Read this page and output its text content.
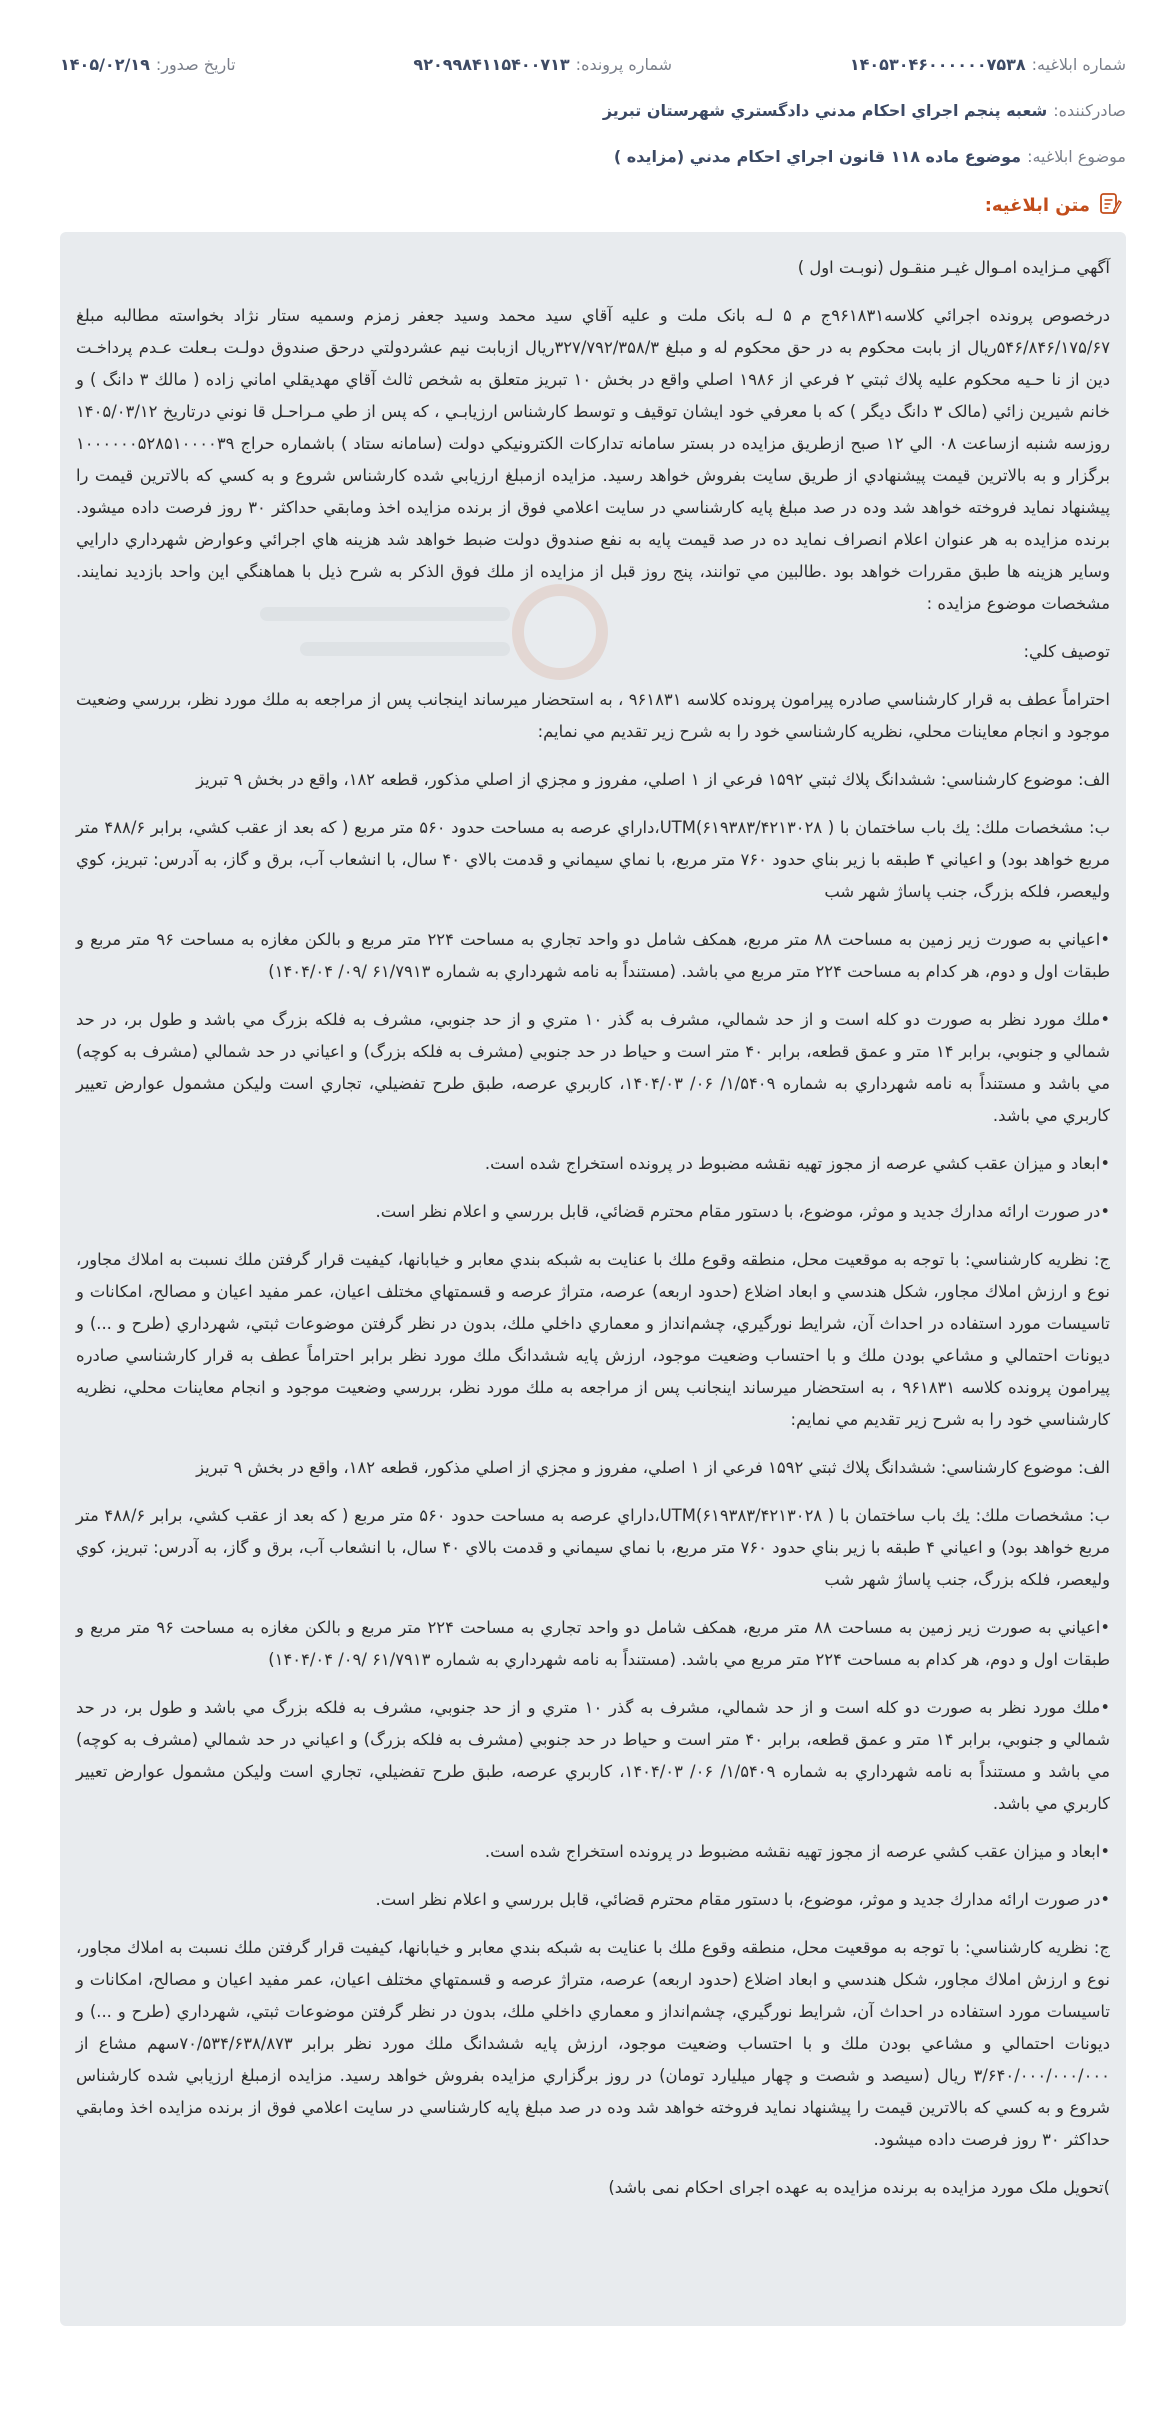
شماره ابلاغيه:
۱۴۰۵۳۰۴۶۰۰۰۰۰۰۷۵۳۸
شماره پرونده:
۹۲۰۹۹۸۴۱۱۵۴۰۰۷۱۳
تاريخ صدور:
۱۴۰۵/۰۲/۱۹
صادركننده:
شعبه پنجم اجراي احكام مدني دادگستري شهرستان تبريز
موضوع ابلاغيه:
موضوع ماده ۱۱۸ قانون اجراي احكام مدني (مزايده )
متن ابلاغيه:

آگهي مـزايده امـوال غيـر منقـول (نوبـت اول )

درخصوص پرونده اجرائي كلاسه۹۶۱۸۳۱ج م ۵ لـه بانک ملت و عليه آقاي سيد محمد وسيد جعفر زمزم وسميه ستار نژاد بخواسته مطالبه مبلغ ۵۴۶/۸۴۶/۱۷۵/۶۷ريال از بابت محكوم به در حق محكوم له و مبلغ ۳۲۷/۷۹۲/۳۵۸/۳ريال ازبابت نيم عشردولتي درحق صندوق دولـت بـعلت عـدم پرداخـت دين از نا حـيه محكوم عليه پلاك ثبتي ۲ فرعي از ۱۹۸۶ اصلي واقع در بخش ۱۰ تبريز متعلق به شخص ثالث آقاي مهديقلي اماني زاده ( مالك ۳ دانگ ) و خانم شيرين زائي (مالک ۳ دانگ ديگر ) كه با معرفي خود ايشان توقيف و توسط كارشناس ارزيابـي ، كه پس از طي مـراحـل قا نوني درتاريخ ۱۴۰۵/۰۳/۱۲ روزسه شنبه ازساعت ۰۸ الي ۱۲ صبح ازطريق مزايده در بستر سامانه تداركات الكترونيكي دولت (سامانه ستاد ) باشماره حراج ۱۰۰۰۰۰۰۵۲۸۵۱۰۰۰۰۳۹ برگزار و به بالاترين قيمت پيشنهادي از طريق سايت بفروش خواهد رسيد. مزايده ازمبلغ ارزيابي شده كارشناس شروع و به كسي كه بالاترين قيمت را پيشنهاد نمايد فروخته خواهد شد وده در صد مبلغ پايه كارشناسي در سايت اعلامي فوق از برنده مزايده اخذ ومابقي حداكثر ۳۰ روز فرصت داده ميشود. برنده مزايده به هر عنوان اعلام انصراف نمايد ده در صد قيمت پايه به نفع صندوق دولت ضبط خواهد شد هزينه هاي اجرائي وعوارض شهرداري دارايي وساير هزينه ها طبق مقررات خواهد بود .طالبين مي توانند، پنج روز قبل از مزايده از ملك فوق الذكر به شرح ذيل با هماهنگي اين واحد بازديد نمايند. مشخصات موضوع مزايده :

توصيف كلي:

احتراماً عطف به قرار كارشناسي صادره پيرامون پرونده كلاسه ۹۶۱۸۳۱ ، به استحضار ميرساند اينجانب پس از مراجعه به ملك مورد نظر، بررسي وضعيت موجود و انجام معاينات محلي، نظريه كارشناسي خود را به شرح زير تقديم مي نمايم:

الف: موضوع كارشناسي: ششدانگ پلاك ثبتي ۱۵۹۲ فرعي از ۱ اصلي، مفروز و مجزي از اصلي مذكور، قطعه ۱۸۲، واقع در بخش ۹ تبريز

ب: مشخصات ملك: يك باب ساختمان با ( UTM(۶۱۹۳۸۳/۴۲۱۳۰۲۸،داراي عرصه به مساحت حدود ۵۶۰ متر مربع ( كه بعد از عقب كشي، برابر ۴۸۸/۶ متر مربع خواهد بود) و اعياني ۴ طبقه با زير بناي حدود ۷۶۰ متر مربع، با نماي سيماني و قدمت بالاي ۴۰ سال، با انشعاب آب، برق و گاز، به آدرس: تبريز، كوي وليعصر، فلكه بزرگ، جنب پاساژ شهر شب

•اعياني به صورت زير زمين به مساحت ۸۸ متر مربع، همكف شامل دو واحد تجاري به مساحت ۲۲۴ متر مربع و بالكن مغازه به مساحت ۹۶ متر مربع و طبقات اول و دوم، هر كدام به مساحت ۲۲۴ متر مربع مي باشد. (مستنداً به نامه شهرداري به شماره ۶۱/۷۹۱۳ /۰۹/ ۱۴۰۴/۰۴)

•ملك مورد نظر به صورت دو كله است و از حد شمالي، مشرف به گذر ۱۰ متري و از حد جنوبي، مشرف به فلكه بزرگ مي باشد و طول بر، در حد شمالي و جنوبي، برابر ۱۴ متر و عمق قطعه، برابر ۴۰ متر است و حياط در حد جنوبي (مشرف به فلكه بزرگ) و اعياني در حد شمالي (مشرف به كوچه) مي باشد و مستنداً به نامه شهرداري به شماره ۱/۵۴۰۹/ ۰۶/ ۱۴۰۴/۰۳، كاربري عرصه، طبق طرح تفضيلي، تجاري است وليكن مشمول عوارض تعيير كاربري مي باشد.

•ابعاد و ميزان عقب كشي عرصه از مجوز تهيه نقشه مضبوط در پرونده استخراج شده است.

•در صورت ارائه مدارك جديد و موثر، موضوع، با دستور مقام محترم قضائي، قابل بررسي و اعلام نظر است.

ج: نظريه كارشناسي: با توجه به موقعيت محل، منطقه وقوع ملك با عنايت به شبكه بندي معابر و خيابانها، كيفيت قرار گرفتن ملك نسبت به املاك مجاور، نوع و ارزش املاك مجاور، شكل هندسي و ابعاد اضلاع (حدود اربعه) عرصه، متراژ عرصه و قسمتهاي مختلف اعيان، عمر مفيد اعيان و مصالح، امكانات و تاسيسات مورد استفاده در احداث آن، شرايط نورگيري، چشم‌انداز و معماري داخلي ملك، بدون در نظر گرفتن موضوعات ثبتي، شهرداري (طرح و ...) و ديونات احتمالي و مشاعي بودن ملك و با احتساب وضعيت موجود، ارزش پايه ششدانگ ملك مورد نظر برابر احتراماً عطف به قرار كارشناسي صادره پيرامون پرونده كلاسه ۹۶۱۸۳۱ ، به استحضار ميرساند اينجانب پس از مراجعه به ملك مورد نظر، بررسي وضعيت موجود و انجام معاينات محلي، نظريه كارشناسي خود را به شرح زير تقديم مي نمايم:

الف: موضوع كارشناسي: ششدانگ پلاك ثبتي ۱۵۹۲ فرعي از ۱ اصلي، مفروز و مجزي از اصلي مذكور، قطعه ۱۸۲، واقع در بخش ۹ تبريز

ب: مشخصات ملك: يك باب ساختمان با ( UTM(۶۱۹۳۸۳/۴۲۱۳۰۲۸،داراي عرصه به مساحت حدود ۵۶۰ متر مربع ( كه بعد از عقب كشي، برابر ۴۸۸/۶ متر مربع خواهد بود) و اعياني ۴ طبقه با زير بناي حدود ۷۶۰ متر مربع، با نماي سيماني و قدمت بالاي ۴۰ سال، با انشعاب آب، برق و گاز، به آدرس: تبريز، كوي وليعصر، فلكه بزرگ، جنب پاساژ شهر شب

•اعياني به صورت زير زمين به مساحت ۸۸ متر مربع، همكف شامل دو واحد تجاري به مساحت ۲۲۴ متر مربع و بالكن مغازه به مساحت ۹۶ متر مربع و طبقات اول و دوم، هر كدام به مساحت ۲۲۴ متر مربع مي باشد. (مستنداً به نامه شهرداري به شماره ۶۱/۷۹۱۳ /۰۹/ ۱۴۰۴/۰۴)

•ملك مورد نظر به صورت دو كله است و از حد شمالي، مشرف به گذر ۱۰ متري و از حد جنوبي، مشرف به فلكه بزرگ مي باشد و طول بر، در حد شمالي و جنوبي، برابر ۱۴ متر و عمق قطعه، برابر ۴۰ متر است و حياط در حد جنوبي (مشرف به فلكه بزرگ) و اعياني در حد شمالي (مشرف به كوچه) مي باشد و مستنداً به نامه شهرداري به شماره ۱/۵۴۰۹/ ۰۶/ ۱۴۰۴/۰۳، كاربري عرصه، طبق طرح تفضيلي، تجاري است وليكن مشمول عوارض تعيير كاربري مي باشد.

•ابعاد و ميزان عقب كشي عرصه از مجوز تهيه نقشه مضبوط در پرونده استخراج شده است.

•در صورت ارائه مدارك جديد و موثر، موضوع، با دستور مقام محترم قضائي، قابل بررسي و اعلام نظر است.

ج: نظريه كارشناسي: با توجه به موقعيت محل، منطقه وقوع ملك با عنايت به شبكه بندي معابر و خيابانها، كيفيت قرار گرفتن ملك نسبت به املاك مجاور، نوع و ارزش املاك مجاور، شكل هندسي و ابعاد اضلاع (حدود اربعه) عرصه، متراژ عرصه و قسمتهاي مختلف اعيان، عمر مفيد اعيان و مصالح، امكانات و تاسيسات مورد استفاده در احداث آن، شرايط نورگيري، چشم‌انداز و معماري داخلي ملك، بدون در نظر گرفتن موضوعات ثبتي، شهرداري (طرح و ...) و ديونات احتمالي و مشاعي بودن ملك و با احتساب وضعيت موجود، ارزش پايه ششدانگ ملك مورد نظر برابر ۷۰/۵۳۴/۶۳۸/۸۷۳سهم مشاع از ۳/۶۴۰/۰۰۰/۰۰۰/۰۰۰ ريال (سيصد و شصت و چهار ميليارد تومان) در روز برگزاري مزايده بفروش خواهد رسيد. مزايده ازمبلغ ارزيابي شده كارشناس شروع و به كسي كه بالاترين قيمت را پيشنهاد نمايد فروخته خواهد شد وده در صد مبلغ پايه كارشناسي در سايت اعلامي فوق از برنده مزايده اخذ ومابقي حداكثر ۳۰ روز فرصت داده ميشود.

)تحويل ملک مورد مزايده به برنده مزايده به عهده اجرای احکام نمی باشد)
